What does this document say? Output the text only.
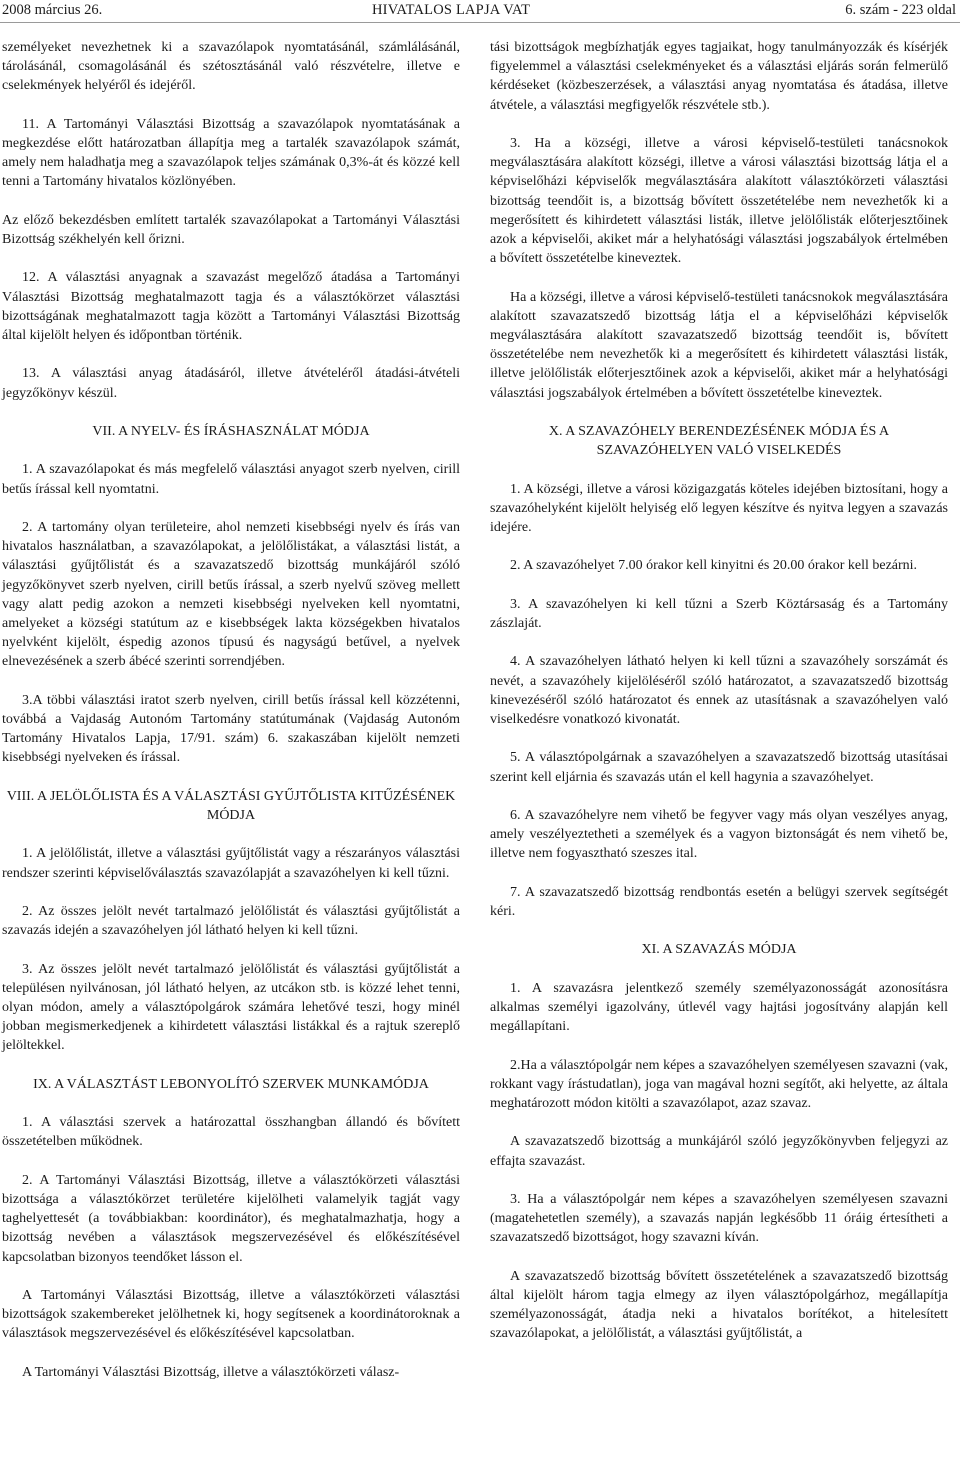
2008 március 26.	HIVATALOS LAPJA VAT	6. szám - 223 oldal

személyeket nevezhetnek ki a szavazólapok nyomtatásánál, számlálásánál, tárolásánál, csomagolásánál és szétosztásánál való részvételre, illetve e cselekmények helyéről és idejéről.

11. A Tartományi Választási Bizottság a szavazólapok nyomtatásának a megkezdése előtt határozatban állapítja meg a tartalék szavazólapok számát, amely nem haladhatja meg a szavazólapok teljes számának 0,3%-át és közzé kell tenni a Tartomány hivatalos közlönyében.

Az előző bekezdésben említett tartalék szavazólapokat a Tartományi Választási Bizottság székhelyén kell őrizni.

12. A választási anyagnak a szavazást megelőző átadása a Tartományi Választási Bizottság meghatalmazott tagja és a választókörzet választási bizottságának meghatalmazott tagja között a Tartományi Választási Bizottság által kijelölt helyen és időpontban történik.

13. A választási anyag átadásáról, illetve átvételéről átadási-átvételi jegyzőkönyv készül.

VII. A NYELV- ÉS ÍRÁSHASZNÁLAT MÓDJA

1. A szavazólapokat és más megfelelő választási anyagot szerb nyelven, cirill betűs írással kell nyomtatni.

2. A tartomány olyan területeire, ahol nemzeti kisebbségi nyelv és írás van hivatalos használatban, a szavazólapokat, a jelölőlistákat, a választási listát, a választási gyűjtőlistát és a szavazatszedő bizottság munkájáról szóló jegyzőkönyvet szerb nyelven, cirill betűs írással, a szerb nyelvű szöveg mellett vagy alatt pedig azokon a nemzeti kisebbségi nyelveken kell nyomtatni, amelyeket a községi statútum az e kisebbségek lakta községekben hivatalos nyelvként kijelölt, éspedig azonos típusú és nagyságú betűvel, a nyelvek elnevezésének a szerb ábécé szerinti sorrendjében.

3.A többi választási iratot szerb nyelven, cirill betűs írással kell közzétenni, továbbá a Vajdaság Autonóm Tartomány statútumának (Vajdaság Autonóm Tartomány Hivatalos Lapja, 17/91. szám) 6. szakaszában kijelölt nemzeti kisebbségi nyelveken és írással.

VIII. A JELÖLŐLISTA ÉS A VÁLASZTÁSI GYŰJTŐLISTA KITŰZÉSÉNEK MÓDJA

1. A jelölőlistát, illetve a választási gyűjtőlistát vagy a részarányos választási rendszer szerinti képviselőválasztás szavazólapját a szavazóhelyen ki kell tűzni.

2. Az összes jelölt nevét tartalmazó jelölőlistát és választási gyűjtőlistát a szavazás idején a szavazóhelyen jól látható helyen ki kell tűzni.

3. Az összes jelölt nevét tartalmazó jelölőlistát és választási gyűjtőlistát a településen nyilvánosan, jól látható helyen, az utcákon stb. is közzé lehet tenni, olyan módon, amely a választópolgárok számára lehetővé teszi, hogy minél jobban megismerkedjenek a kihirdetett választási listákkal és a rajtuk szereplő jelöltekkel.

IX. A VÁLASZTÁST LEBONYOLÍTÓ SZERVEK MUNKAMÓDJA

1. A választási szervek a határozattal összhangban állandó és bővített összetételben működnek.

2. A Tartományi Választási Bizottság, illetve a választókörzeti választási bizottsága a választókörzet területére kijelölheti valamelyik tagját vagy taghelyettesét (a továbbiakban: koordinátor), és meghatalmazhatja, hogy a bizottság nevében a választások megszervezésével és előkészítésével kapcsolatban bizonyos teendőket lásson el.

A Tartományi Választási Bizottság, illetve a választókörzeti választási bizottságok szakembereket jelölhetnek ki, hogy segítsenek a koordinátoroknak a választások megszervezésével és előkészítésével kapcsolatban.

A Tartományi Választási Bizottság, illetve a választókörzeti válasz-

tási bizottságok megbízhatják egyes tagjaikat, hogy tanulmányozzák és kísérjék figyelemmel a választási cselekményeket és a választási eljárás során felmerülő kérdéseket (közbeszerzések, a választási anyag nyomtatása és átadása, illetve átvétele, a választási megfigyelők részvétele stb.).

3. Ha a községi, illetve a városi képviselő-testületi tanácsnokok megválasztására alakított községi, illetve a városi választási bizottság látja el a képviselőházi képviselők megválasztására alakított választókörzeti választási bizottság teendőit is, a bizottság bővített összetételébe nem nevezhetők ki a megerősített és kihirdetett választási listák, illetve jelölőlisták előterjesztőinek azok a képviselői, akiket már a helyhatósági választási jogszabályok értelmében a bővített összetételbe kineveztek.

Ha a községi, illetve a városi képviselő-testületi tanácsnokok megválasztására alakított szavazatszedő bizottság látja el a képviselőházi képviselők megválasztására alakított szavazatszedő bizottság teendőit is, bővített összetételébe nem nevezhetők ki a megerősített és kihirdetett választási listák, illetve jelölőlisták előterjesztőinek azok a képviselői, akiket már a helyhatósági választási jogszabályok értelmében a bővített összetételbe kineveztek.

X. A SZAVAZÓHELY BERENDEZÉSÉNEK MÓDJA ÉS A SZAVAZÓHELYEN VALÓ VISELKEDÉS

1. A községi, illetve a városi közigazgatás köteles idejében biztosítani, hogy a szavazóhelyként kijelölt helyiség elő legyen készítve és nyitva legyen a szavazás idejére.

2. A szavazóhelyet 7.00 órakor kell kinyitni és 20.00 órakor kell bezárni.

3. A szavazóhelyen ki kell tűzni a Szerb Köztársaság és a Tartomány zászlaját.

4. A szavazóhelyen látható helyen ki kell tűzni a szavazóhely sorszámát és nevét, a szavazóhely kijelöléséről szóló határozatot, a szavazatszedő bizottság kinevezéséről szóló határozatot és ennek az utasításnak a szavazóhelyen való viselkedésre vonatkozó kivonatát.

5. A választópolgárnak a szavazóhelyen a szavazatszedő bizottság utasításai szerint kell eljárnia és szavazás után el kell hagynia a szavazóhelyet.

6. A szavazóhelyre nem vihető be fegyver vagy más olyan veszélyes anyag, amely veszélyeztetheti a személyek és a vagyon biztonságát és nem vihető be, illetve nem fogyasztható szeszes ital.

7. A szavazatszedő bizottság rendbontás esetén a belügyi szervek segítségét kéri.

XI. A SZAVAZÁS MÓDJA

1. A szavazásra jelentkező személy személyazonosságát azonosításra alkalmas személyi igazolvány, útlevél vagy hajtási jogosítvány alapján kell megállapítani.

2.Ha a választópolgár nem képes a szavazóhelyen személyesen szavazni (vak, rokkant vagy írástudatlan), joga van magával hozni segítőt, aki helyette, az általa meghatározott módon kitölti a szavazólapot, azaz szavaz.

A szavazatszedő bizottság a munkájáról szóló jegyzőkönyvben feljegyzi az effajta szavazást.

3. Ha a választópolgár nem képes a szavazóhelyen személyesen szavazni (magatehetetlen személy), a szavazás napján legkésőbb 11 óráig értesítheti a szavazatszedő bizottságot, hogy szavazni kíván.

A szavazatszedő bizottság bővített összetételének a szavazatszedő bizottság által kijelölt három tagja elmegy az ilyen választópolgárhoz, megállapítja személyazonosságát, átadja neki a hivatalos borítékot, a hitelesített szavazólapokat, a jelölőlistát, a választási gyűjtőlistát, a
